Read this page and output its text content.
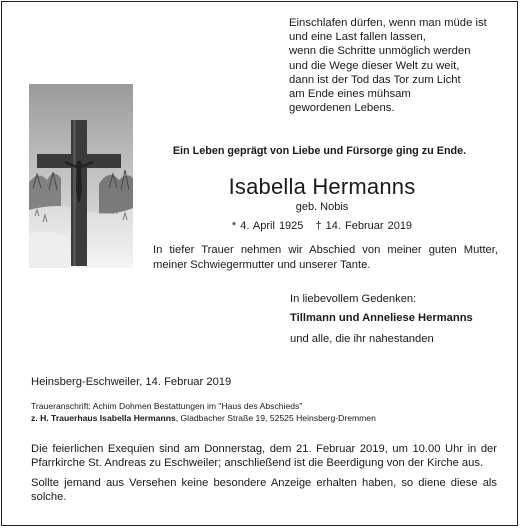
Einschlafen dürfen, wenn man müde ist
und eine Last fallen lassen,
wenn die Schritte unmöglich werden
und die Wege dieser Welt zu weit,
dann ist der Tod das Tor zum Licht
am Ende eines mühsam
gewordenen Lebens.
Ein Leben geprägt von Liebe und Fürsorge ging zu Ende.
Isabella Hermanns
geb. Nobis
* 4. April 1925 † 14. Februar 2019
In tiefer Trauer nehmen wir Abschied von meiner guten Mutter, meiner Schwiegermutter und unserer Tante.
In liebevollem Gedenken:
Tillmann und Anneliese Hermanns
und alle, die ihr nahestanden
Heinsberg-Eschweiler, 14. Februar 2019
Traueranschrift: Achim Dohmen Bestattungen im "Haus des Abschieds"
z. H. Trauerhaus Isabella Hermanns, Gladbacher Straße 19, 52525 Heinsberg-Dremmen
Die feierlichen Exequien sind am Donnerstag, dem 21. Februar 2019, um 10.00 Uhr in der Pfarrkirche St. Andreas zu Eschweiler; anschließend ist die Beerdigung von der Kirche aus.
Sollte jemand aus Versehen keine besondere Anzeige erhalten haben, so diene diese als solche.
